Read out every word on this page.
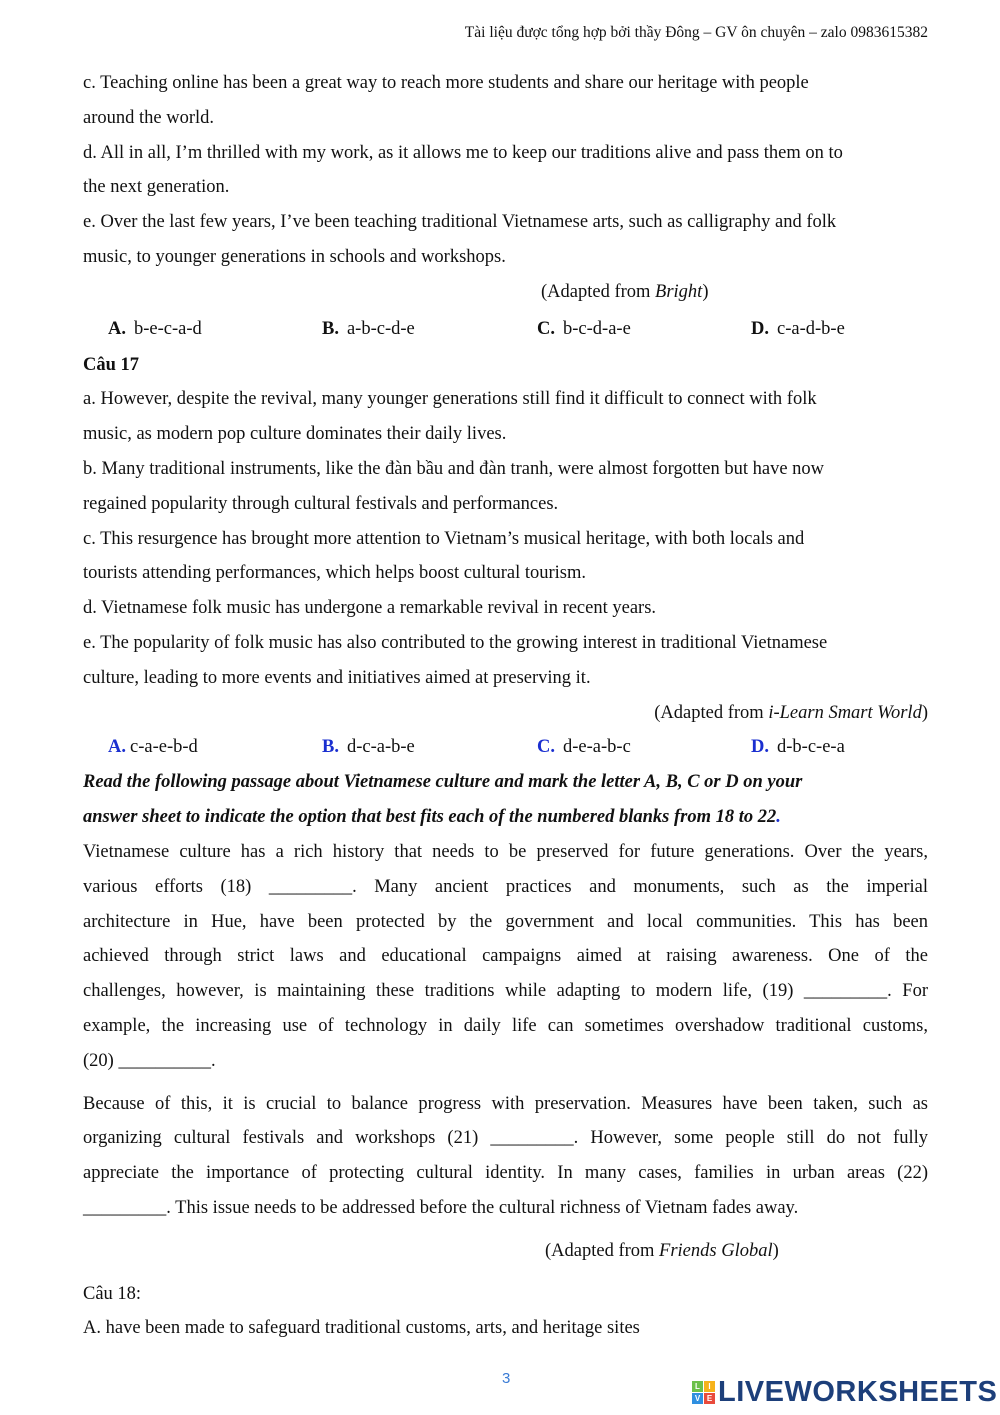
Tài liệu được tổng hợp bởi thầy Đông – GV ôn chuyên – zalo 0983615382
c. Teaching online has been a great way to reach more students and share our heritage with people
around the world.
d. All in all, I’m thrilled with my work, as it allows me to keep our traditions alive and pass them on to
the next generation.
e. Over the last few years, I’ve been teaching traditional Vietnamese arts, such as calligraphy and folk
music, to younger generations in schools and workshops.
(Adapted from Bright)
A. b-e-c-a-d	B. a-b-c-d-e	C. b-c-d-a-e	D. c-a-d-b-e
Câu 17
a. However, despite the revival, many younger generations still find it difficult to connect with folk
music, as modern pop culture dominates their daily lives.
b. Many traditional instruments, like the đàn bầu and đàn tranh, were almost forgotten but have now
regained popularity through cultural festivals and performances.
c. This resurgence has brought more attention to Vietnam’s musical heritage, with both locals and
tourists attending performances, which helps boost cultural tourism.
d. Vietnamese folk music has undergone a remarkable revival in recent years.
e. The popularity of folk music has also contributed to the growing interest in traditional Vietnamese
culture, leading to more events and initiatives aimed at preserving it.
(Adapted from i-Learn Smart World)
A. c-a-e-b-d	B. d-c-a-b-e	C. d-e-a-b-c	D. d-b-c-e-a
Read the following passage about Vietnamese culture and mark the letter A, B, C or D on your
answer sheet to indicate the option that best fits each of the numbered blanks from 18 to 22.
Vietnamese culture has a rich history that needs to be preserved for future generations. Over the years,
various efforts (18) _________. Many ancient practices and monuments, such as the imperial
architecture in Hue, have been protected by the government and local communities. This has been
achieved through strict laws and educational campaigns aimed at raising awareness. One of the
challenges, however, is maintaining these traditions while adapting to modern life, (19) _________. For
example, the increasing use of technology in daily life can sometimes overshadow traditional customs,
(20) __________.
Because of this, it is crucial to balance progress with preservation. Measures have been taken, such as
organizing cultural festivals and workshops (21) _________. However, some people still do not fully
appreciate the importance of protecting cultural identity. In many cases, families in urban areas (22)
_________. This issue needs to be addressed before the cultural richness of Vietnam fades away.
(Adapted from Friends Global)
Câu 18:
A. have been made to safeguard traditional customs, arts, and heritage sites
3	L	I
V E LIVEWORKSHEETS
